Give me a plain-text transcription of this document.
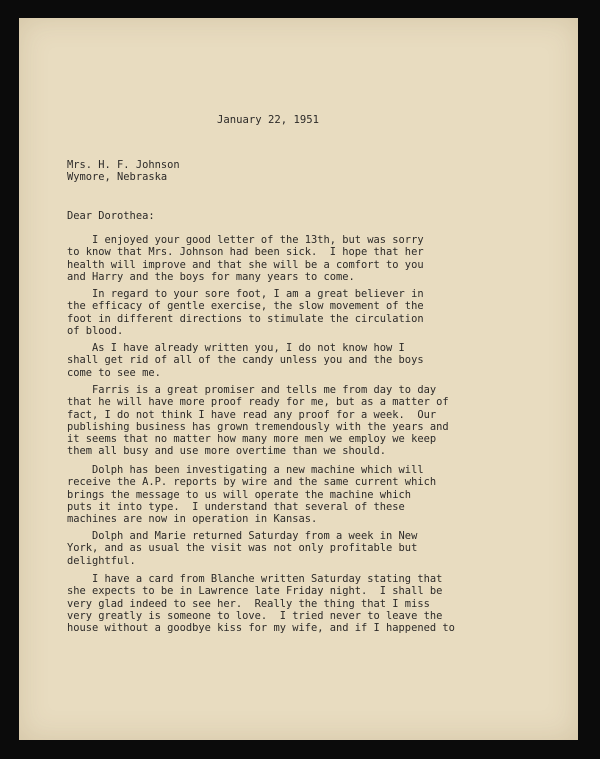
January 22, 1951
Mrs. H. F. Johnson
Wymore, Nebraska
Dear Dorothea:
I enjoyed your good letter of the 13th, but was sorry
to know that Mrs. Johnson had been sick.  I hope that her
health will improve and that she will be a comfort to you
and Harry and the boys for many years to come.
In regard to your sore foot, I am a great believer in
the efficacy of gentle exercise, the slow movement of the
foot in different directions to stimulate the circulation
of blood.
As I have already written you, I do not know how I
shall get rid of all of the candy unless you and the boys
come to see me.
Farris is a great promiser and tells me from day to day
that he will have more proof ready for me, but as a matter of
fact, I do not think I have read any proof for a week.  Our
publishing business has grown tremendously with the years and
it seems that no matter how many more men we employ we keep
them all busy and use more overtime than we should.
Dolph has been investigating a new machine which will
receive the A.P. reports by wire and the same current which
brings the message to us will operate the machine which
puts it into type.  I understand that several of these
machines are now in operation in Kansas.
Dolph and Marie returned Saturday from a week in New
York, and as usual the visit was not only profitable but
delightful.
I have a card from Blanche written Saturday stating that
she expects to be in Lawrence late Friday night.  I shall be
very glad indeed to see her.  Really the thing that I miss
very greatly is someone to love.  I tried never to leave the
house without a goodbye kiss for my wife, and if I happened to
